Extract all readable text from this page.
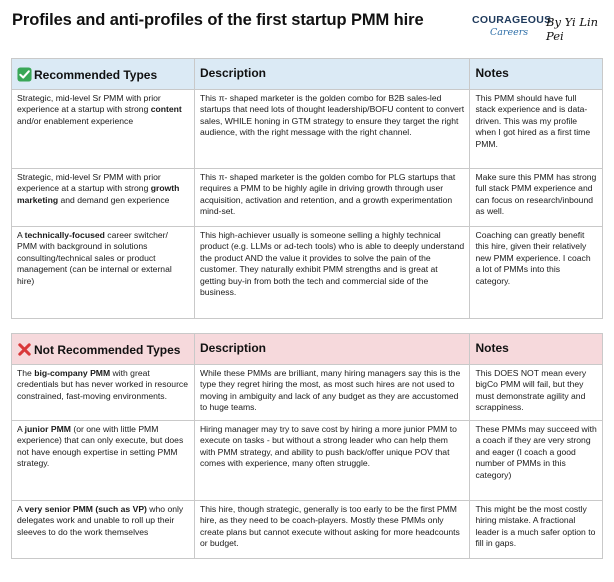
Profiles and anti-profiles of the first startup PMM hire	COURAGEOUS
Careers
By Yi Lin Pei
Recommended Types	Description	Notes
Strategic, mid-level Sr PMM with prior experience at a startup with strong content and/or enablement experience	This π- shaped marketer is the golden combo for B2B sales-led startups that need lots of thought leadership/BOFU content to convert sales, WHILE honing in GTM strategy to ensure they target the right audience, with the right message with the right channel.	This PMM should have full stack experience and is data- driven. This was my profile when I got hired as a first time PMM.
Strategic, mid-level Sr PMM with prior experience at a startup with strong growth marketing and demand gen experience	This π- shaped marketer is the golden combo for PLG startups that requires a PMM to be highly agile in driving growth through user acquisition, activation and retention, and a growth experimentation mind-set.	Make sure this PMM has strong full stack PMM experience and can focus on research/inbound as well.
A technically-focused career switcher/ PMM with background in solutions consulting/technical sales or product management (can be internal or external hire)	This high-achiever usually is someone selling a highly technical product (e.g. LLMs or ad-tech tools) who is able to deeply understand the product AND the value it provides to solve the pain of the customer. They naturally exhibit PMM strengths and is great at getting buy-in from both the tech and commercial side of the business.	Coaching can greatly benefit this hire, given their relatively new PMM experience. I coach a lot of PMMs into this category.
Not Recommended Types	Description	Notes
The big-company PMM with great credentials but has never worked in resource constrained, fast-moving environments.	While these PMMs are brilliant, many hiring managers say this is the type they regret hiring the most, as most such hires are not used to moving in ambiguity and lack of any budget as they are accustomed to huge teams.	This DOES NOT mean every bigCo PMM will fail, but they must demonstrate agility and scrappiness.
A junior PMM (or one with little PMM experience) that can only execute, but does not have enough expertise in setting PMM strategy.	Hiring manager may try to save cost by hiring a more junior PMM to execute on tasks - but without a strong leader who can help them with PMM strategy, and ability to push back/offer unique POV that comes with experience, many often struggle.	These PMMs may succeed with a coach if they are very strong and eager (I coach a good number of PMMs in this category)
A very senior PMM (such as VP) who only delegates work and unable to roll up their sleeves to do the work themselves	This hire, though strategic, generally is too early to be the first PMM hire, as they need to be coach-players. Mostly these PMMs only create plans but cannot execute without asking for more headcounts or budget.	This might be the most costly hiring mistake. A fractional leader is a much safer option to fill in gaps.
